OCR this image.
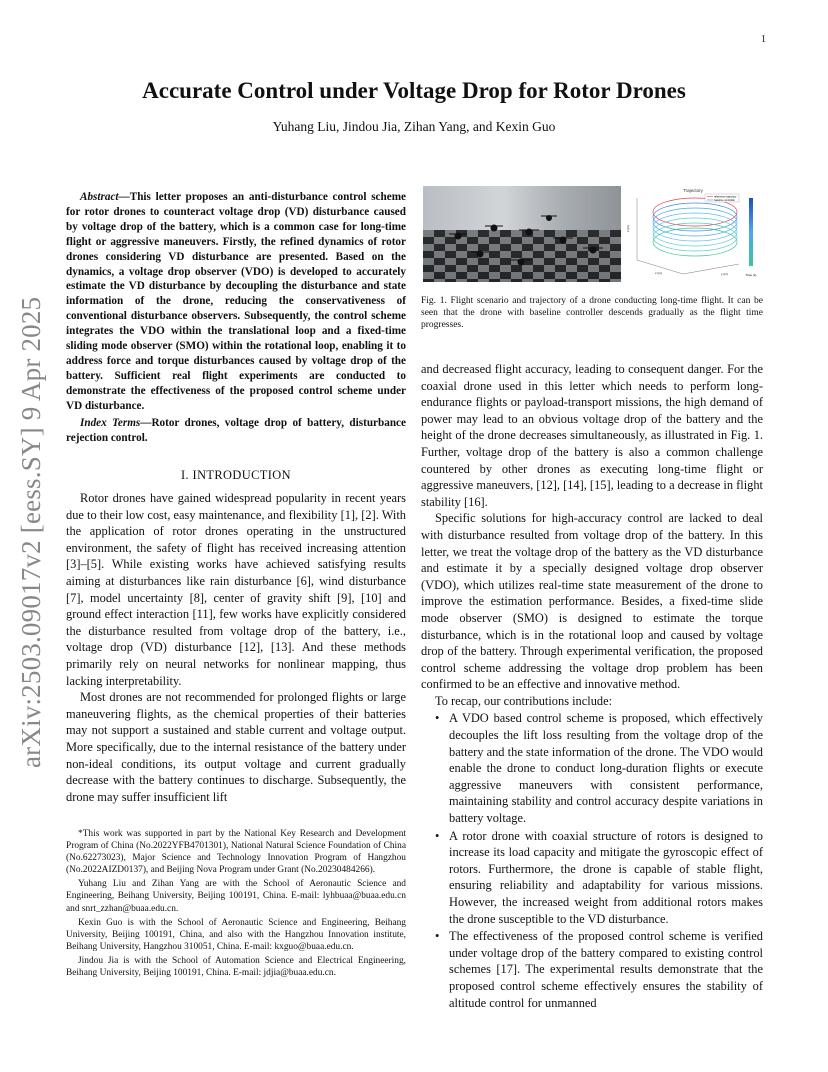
1
arXiv:2503.09017v2 [eess.SY] 9 Apr 2025
Accurate Control under Voltage Drop for Rotor Drones
Yuhang Liu, Jindou Jia, Zihan Yang, and Kexin Guo
Abstract—This letter proposes an anti-disturbance control scheme for rotor drones to counteract voltage drop (VD) disturbance caused by voltage drop of the battery, which is a common case for long-time flight or aggressive maneuvers. Firstly, the refined dynamics of rotor drones considering VD disturbance are presented. Based on the dynamics, a voltage drop observer (VDO) is developed to accurately estimate the VD disturbance by decoupling the disturbance and state information of the drone, reducing the conservativeness of conventional disturbance observers. Subsequently, the control scheme integrates the VDO within the translational loop and a fixed-time sliding mode observer (SMO) within the rotational loop, enabling it to address force and torque disturbances caused by voltage drop of the battery. Sufficient real flight experiments are conducted to demonstrate the effectiveness of the proposed control scheme under VD disturbance.
Index Terms—Rotor drones, voltage drop of battery, disturbance rejection control.
I. INTRODUCTION

Rotor drones have gained widespread popularity in recent years due to their low cost, easy maintenance, and flexibility [1], [2]. With the application of rotor drones operating in the unstructured environment, the safety of flight has received increasing attention [3]–[5]. While existing works have achieved satisfying results aiming at disturbances like rain disturbance [6], wind disturbance [7], model uncertainty [8], center of gravity shift [9], [10] and ground effect interaction [11], few works have explicitly considered the disturbance resulted from voltage drop of the battery, i.e., voltage drop (VD) disturbance [12], [13]. And these methods primarily rely on neural networks for nonlinear mapping, thus lacking interpretability.

Most drones are not recommended for prolonged flights or large maneuvering flights, as the chemical properties of their batteries may not support a sustained and stable current and voltage output. More specifically, due to the internal resistance of the battery under non-ideal conditions, its output voltage and current gradually decrease with the battery continues to discharge. Subsequently, the drone may suffer insufficient lift

*This work was supported in part by the National Key Research and Development Program of China (No.2022YFB4701301), National Natural Science Foundation of China (No.62273023), Major Science and Technology Innovation Program of Hangzhou (No.2022AIZD0137), and Beijing Nova Program under Grant (No.20230484266).

Yuhang Liu and Zihan Yang are with the School of Aeronautic Science and Engineering, Beihang University, Beijing 100191, China. E-mail: lyhbuaa@buaa.edu.cn and snrt_zzhan@buaa.edu.cn.

Kexin Guo is with the School of Aeronautic Science and Engineering, Beihang University, Beijing 100191, China, and also with the Hangzhou Innovation institute, Beihang University, Hangzhou 310051, China. E-mail: kxguo@buaa.edu.cn.

Jindou Jia is with the School of Automation Science and Electrical Engineering, Beihang University, Beijing 100191, China. E-mail: jdjia@buaa.edu.cn.

Trajectory
reference trajectory
baseline controller
Time (s)
x (m)	y (m)
z (m)
Fig. 1. Flight scenario and trajectory of a drone conducting long-time flight. It can be seen that the drone with baseline controller descends gradually as the flight time progresses.

and decreased flight accuracy, leading to consequent danger. For the coaxial drone used in this letter which needs to perform long-endurance flights or payload-transport missions, the high demand of power may lead to an obvious voltage drop of the battery and the height of the drone decreases simultaneously, as illustrated in Fig. 1. Further, voltage drop of the battery is also a common challenge countered by other drones as executing long-time flight or aggressive maneuvers, [12], [14], [15], leading to a decrease in flight stability [16].

Specific solutions for high-accuracy control are lacked to deal with disturbance resulted from voltage drop of the battery. In this letter, we treat the voltage drop of the battery as the VD disturbance and estimate it by a specially designed voltage drop observer (VDO), which utilizes real-time state measurement of the drone to improve the estimation performance. Besides, a fixed-time slide mode observer (SMO) is designed to estimate the torque disturbance, which is in the rotational loop and caused by voltage drop of the battery. Through experimental verification, the proposed control scheme addressing the voltage drop problem has been confirmed to be an effective and innovative method.

To recap, our contributions include:

• A VDO based control scheme is proposed, which effectively decouples the lift loss resulting from the voltage drop of the battery and the state information of the drone. The VDO would enable the drone to conduct long-duration flights or execute aggressive maneuvers with consistent performance, maintaining stability and control accuracy despite variations in battery voltage.
• A rotor drone with coaxial structure of rotors is designed to increase its load capacity and mitigate the gyroscopic effect of rotors. Furthermore, the drone is capable of stable flight, ensuring reliability and adaptability for various missions. However, the increased weight from additional rotors makes the drone susceptible to the VD disturbance.
• The effectiveness of the proposed control scheme is verified under voltage drop of the battery compared to existing control schemes [17]. The experimental results demonstrate that the proposed control scheme effectively ensures the stability of altitude control for unmanned
